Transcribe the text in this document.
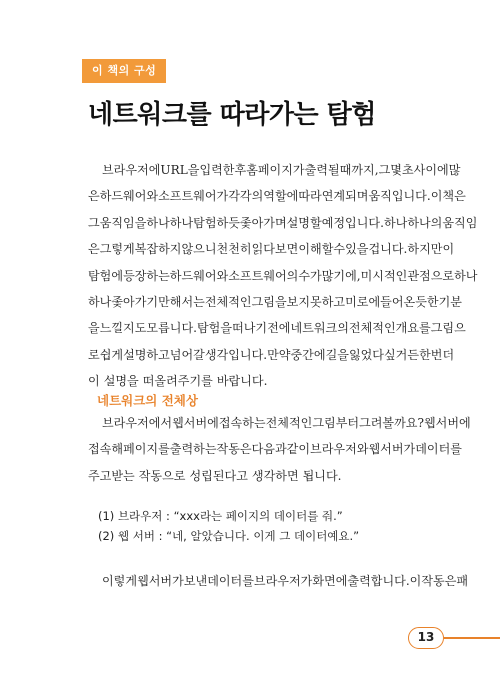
이 책의 구성
네트워크를 따라가는 탐험
브라우저에 URL을 입력한 후 홈페이지가 출력될 때까지, 그 몇 초 사이에 많
은 하드웨어와 소프트웨어가 각각의 역할에 따라 연계되며 움직입니다. 이 책은
그 움직임을 하나하나 탐험하듯 좇아가며 설명할 예정입니다. 하나하나의 움직임
은 그렇게 복잡하지 않으니 천천히 읽다 보면 이해할 수 있을 겁니다. 하지만 이
탐험에 등장하는 하드웨어와 소프트웨어의 수가 많기에, 미시적인 관점으로 하나
하나 좇아가기만 해서는 전체적인 그림을 보지 못하고 미로에 들어온 듯한 기분
을 느낄지도 모릅니다. 탐험을 떠나기 전에 네트워크의 전체적인 개요를 그림으
로 쉽게 설명하고 넘어갈 생각입니다. 만약 중간에 길을 잃었다 싶거든 한 번 더
이 설명을 떠올려주기를 바랍니다.
네트워크의 전체상
브라우저에서 웹 서버에 접속하는 전체적인 그림부터 그려볼까요? 웹 서버에
접속해 페이지를 출력하는 작동은 다음과 같이 브라우저와 웹 서버가 데이터를
주고받는 작동으로 성립된다고 생각하면 됩니다.
(1) 브라우저 : “xxx라는 페이지의 데이터를 줘.”
(2) 웹 서버 : “네, 알았습니다. 이게 그 데이터예요.”
이렇게 웹 서버가 보낸 데이터를 브라우저가 화면에 출력합니다. 이 작동은 패
13
